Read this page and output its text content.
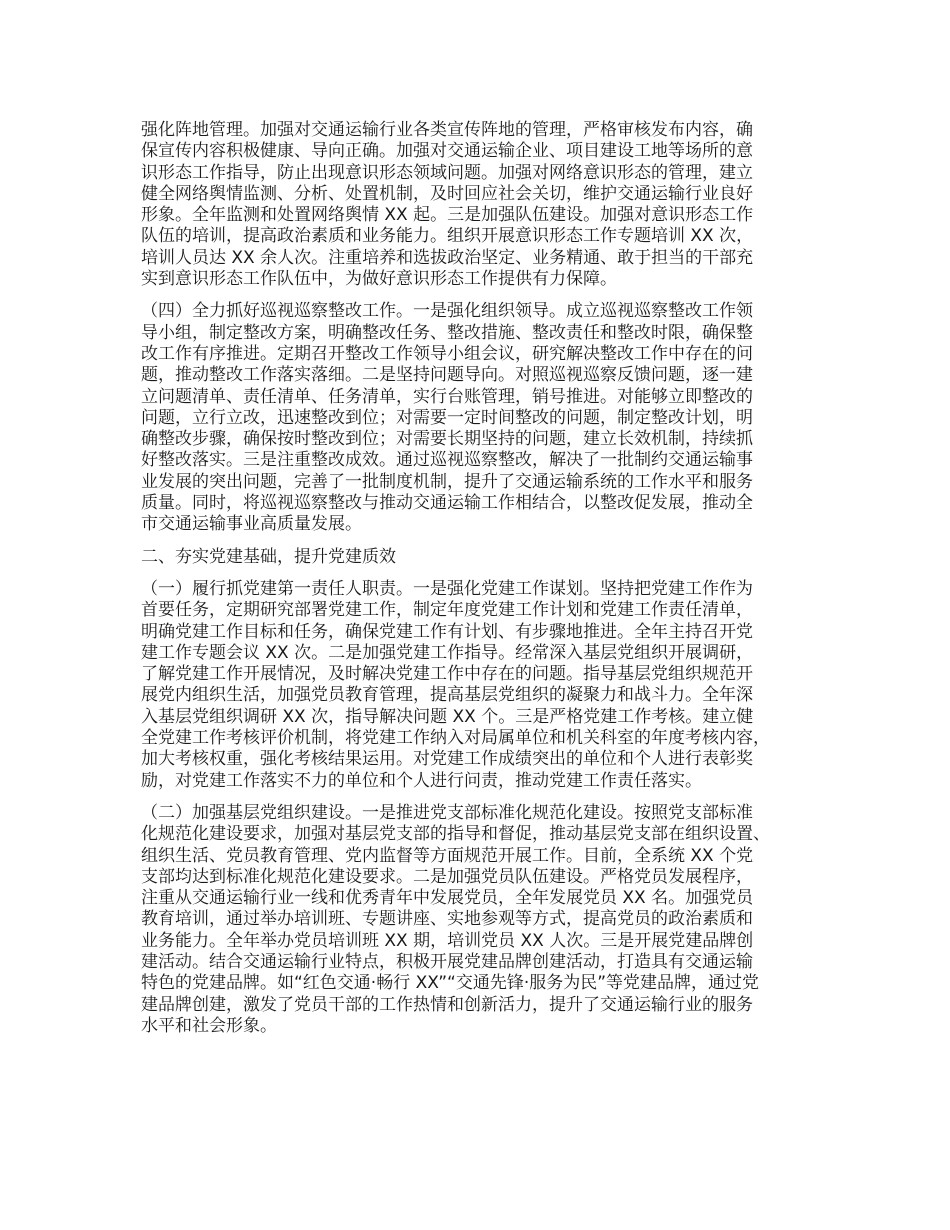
强化阵地管理。加强对交通运输行业各类宣传阵地的管理，严格审核发布内容，确
保宣传内容积极健康、导向正确。加强对交通运输企业、项目建设工地等场所的意
识形态工作指导，防止出现意识形态领域问题。加强对网络意识形态的管理，建立
健全网络舆情监测、分析、处置机制，及时回应社会关切，维护交通运输行业良好
形象。全年监测和处置网络舆情 XX 起。三是加强队伍建设。加强对意识形态工作
队伍的培训，提高政治素质和业务能力。组织开展意识形态工作专题培训 XX 次，
培训人员达 XX 余人次。注重培养和选拔政治坚定、业务精通、敢于担当的干部充
实到意识形态工作队伍中，为做好意识形态工作提供有力保障。

（四）全力抓好巡视巡察整改工作。一是强化组织领导。成立巡视巡察整改工作领
导小组，制定整改方案，明确整改任务、整改措施、整改责任和整改时限，确保整
改工作有序推进。定期召开整改工作领导小组会议，研究解决整改工作中存在的问
题，推动整改工作落实落细。二是坚持问题导向。对照巡视巡察反馈问题，逐一建
立问题清单、责任清单、任务清单，实行台账管理，销号推进。对能够立即整改的
问题，立行立改，迅速整改到位；对需要一定时间整改的问题，制定整改计划，明
确整改步骤，确保按时整改到位；对需要长期坚持的问题，建立长效机制，持续抓
好整改落实。三是注重整改成效。通过巡视巡察整改，解决了一批制约交通运输事
业发展的突出问题，完善了一批制度机制，提升了交通运输系统的工作水平和服务
质量。同时，将巡视巡察整改与推动交通运输工作相结合，以整改促发展，推动全
市交通运输事业高质量发展。

二、夯实党建基础，提升党建质效

（一）履行抓党建第一责任人职责。一是强化党建工作谋划。坚持把党建工作作为
首要任务，定期研究部署党建工作，制定年度党建工作计划和党建工作责任清单，
明确党建工作目标和任务，确保党建工作有计划、有步骤地推进。全年主持召开党
建工作专题会议 XX 次。二是加强党建工作指导。经常深入基层党组织开展调研，
了解党建工作开展情况，及时解决党建工作中存在的问题。指导基层党组织规范开
展党内组织生活，加强党员教育管理，提高基层党组织的凝聚力和战斗力。全年深
入基层党组织调研 XX 次，指导解决问题 XX 个。三是严格党建工作考核。建立健
全党建工作考核评价机制，将党建工作纳入对局属单位和机关科室的年度考核内容，
加大考核权重，强化考核结果运用。对党建工作成绩突出的单位和个人进行表彰奖
励，对党建工作落实不力的单位和个人进行问责，推动党建工作责任落实。

（二）加强基层党组织建设。一是推进党支部标准化规范化建设。按照党支部标准
化规范化建设要求，加强对基层党支部的指导和督促，推动基层党支部在组织设置、
组织生活、党员教育管理、党内监督等方面规范开展工作。目前，全系统 XX 个党
支部均达到标准化规范化建设要求。二是加强党员队伍建设。严格党员发展程序，
注重从交通运输行业一线和优秀青年中发展党员，全年发展党员 XX 名。加强党员
教育培训，通过举办培训班、专题讲座、实地参观等方式，提高党员的政治素质和
业务能力。全年举办党员培训班 XX 期，培训党员 XX 人次。三是开展党建品牌创
建活动。结合交通运输行业特点，积极开展党建品牌创建活动，打造具有交通运输
特色的党建品牌。如“红色交通·畅行 XX”“交通先锋·服务为民”等党建品牌，通过党
建品牌创建，激发了党员干部的工作热情和创新活力，提升了交通运输行业的服务
水平和社会形象。
